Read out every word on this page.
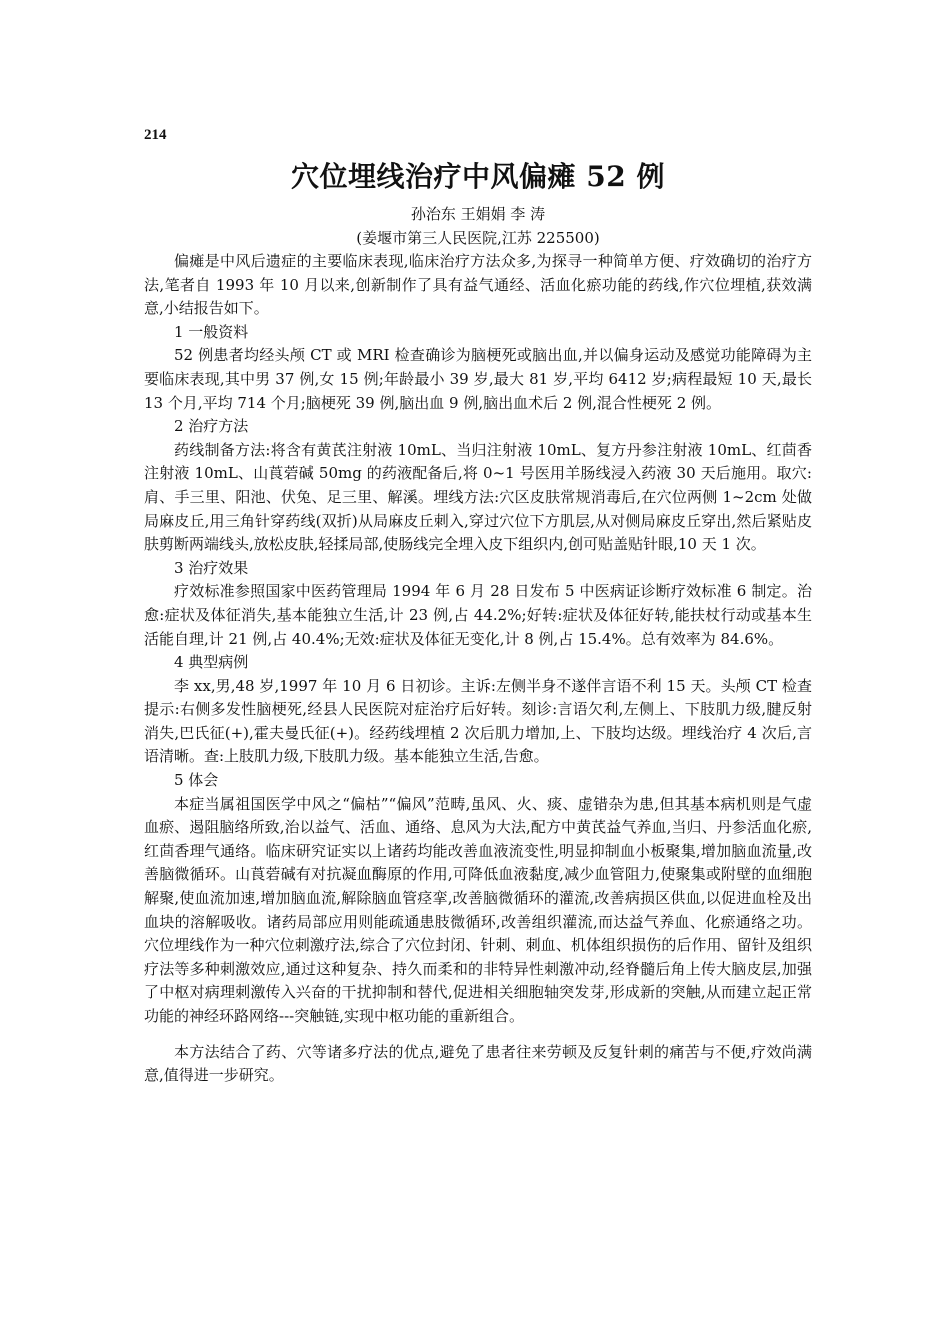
214
穴位埋线治疗中风偏瘫 52 例
孙治东 王娟娟 李 涛
(姜堰市第三人民医院,江苏 225500)

偏瘫是中风后遗症的主要临床表现,临床治疗方法众多,为探寻一种简单方便、疗效确切的治疗方法,笔者自 1993 年 10 月以来,创新制作了具有益气通经、活血化瘀功能的药线,作穴位埋植,获效满意,小结报告如下。

1 一般资料

52 例患者均经头颅 CT 或 MRI 检查确诊为脑梗死或脑出血,并以偏身运动及感觉功能障碍为主要临床表现,其中男 37 例,女 15 例;年龄最小 39 岁,最大 81 岁,平均 6412 岁;病程最短 10 天,最长 13 个月,平均 714 个月;脑梗死 39 例,脑出血 9 例,脑出血术后 2 例,混合性梗死 2 例。

2 治疗方法

药线制备方法:将含有黄芪注射液 10mL、当归注射液 10mL、复方丹参注射液 10mL、红茴香注射液 10mL、山莨菪碱 50mg 的药液配备后,将 0~1 号医用羊肠线浸入药液 30 天后施用。取穴:肩、手三里、阳池、伏兔、足三里、解溪。埋线方法:穴区皮肤常规消毒后,在穴位两侧 1~2cm 处做局麻皮丘,用三角针穿药线(双折)从局麻皮丘刺入,穿过穴位下方肌层,从对侧局麻皮丘穿出,然后紧贴皮肤剪断两端线头,放松皮肤,轻揉局部,使肠线完全埋入皮下组织内,创可贴盖贴针眼,10 天 1 次。

3 治疗效果

疗效标准参照国家中医药管理局 1994 年 6 月 28 日发布 5 中医病证诊断疗效标准 6 制定。治愈:症状及体征消失,基本能独立生活,计 23 例,占 44.2%;好转:症状及体征好转,能扶杖行动或基本生活能自理,计 21 例,占 40.4%;无效:症状及体征无变化,计 8 例,占 15.4%。总有效率为 84.6%。

4 典型病例

李 xx,男,48 岁,1997 年 10 月 6 日初诊。主诉:左侧半身不遂伴言语不利 15 天。头颅 CT 检查提示:右侧多发性脑梗死,经县人民医院对症治疗后好转。刻诊:言语欠利,左侧上、下肢肌力级,腱反射消失,巴氏征(+),霍夫曼氏征(+)。经药线埋植 2 次后肌力增加,上、下肢均达级。埋线治疗 4 次后,言语清晰。查:上肢肌力级,下肢肌力级。基本能独立生活,告愈。

5 体会

本症当属祖国医学中风之“偏枯”“偏风”范畴,虽风、火、痰、虚错杂为患,但其基本病机则是气虚血瘀、遏阻脑络所致,治以益气、活血、通络、息风为大法,配方中黄芪益气养血,当归、丹参活血化瘀,红茴香理气通络。临床研究证实以上诸药均能改善血液流变性,明显抑制血小板聚集,增加脑血流量,改善脑微循环。山莨菪碱有对抗凝血酶原的作用,可降低血液黏度,减少血管阻力,使聚集或附壁的血细胞解聚,使血流加速,增加脑血流,解除脑血管痉挛,改善脑微循环的灌流,改善病损区供血,以促进血栓及出血块的溶解吸收。诸药局部应用则能疏通患肢微循环,改善组织灌流,而达益气养血、化瘀通络之功。穴位埋线作为一种穴位刺激疗法,综合了穴位封闭、针刺、刺血、机体组织损伤的后作用、留针及组织疗法等多种刺激效应,通过这种复杂、持久而柔和的非特异性刺激冲动,经脊髓后角上传大脑皮层,加强了中枢对病理刺激传入兴奋的干扰抑制和替代,促进相关细胞轴突发芽,形成新的突触,从而建立起正常功能的神经环路网络---突触链,实现中枢功能的重新组合。

本方法结合了药、穴等诸多疗法的优点,避免了患者往来劳顿及反复针刺的痛苦与不便,疗效尚满意,值得进一步研究。
